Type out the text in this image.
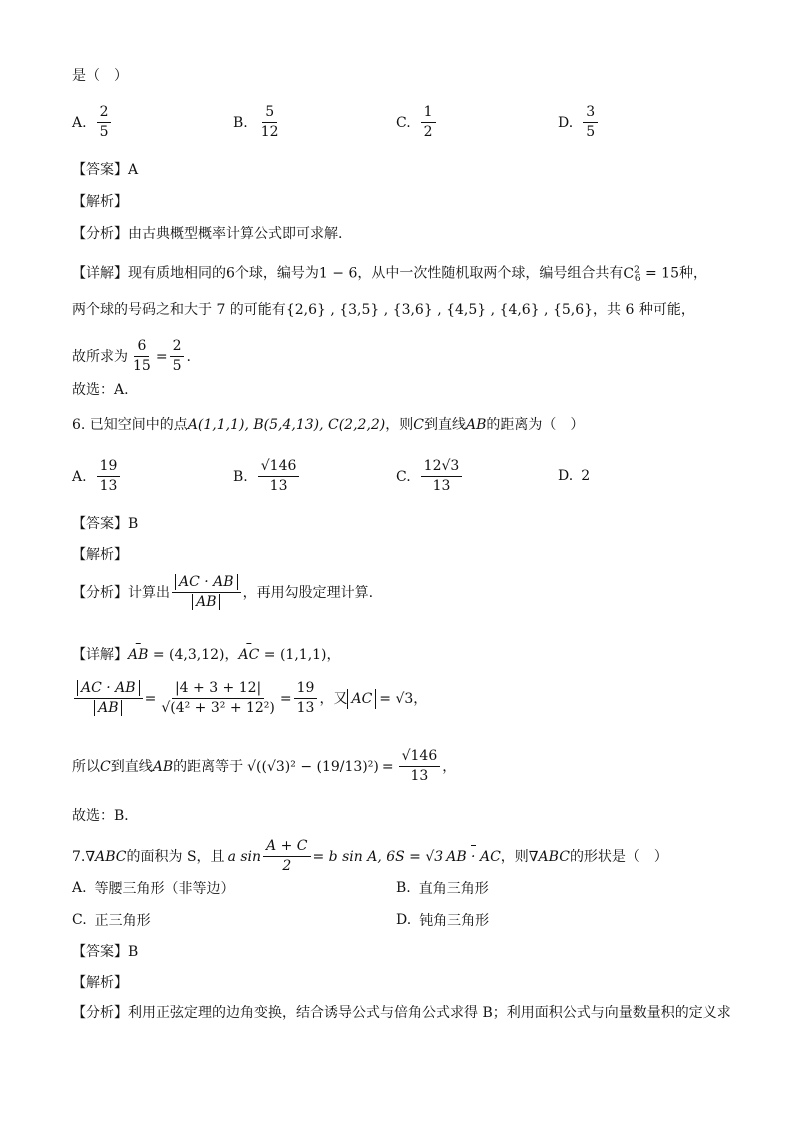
是（　）
A. $\frac{2}{5}$	B. $\frac{5}{12}$	C. $\frac{1}{2}$	D. $\frac{3}{5}$
【答案】A
【解析】
【分析】由古典概型概率计算公式即可求解.
【详解】现有质地相同的6个球，编号为1 − 6，从中一次性随机取两个球，编号组合共有$C^2_6 = 15$种，
两个球的号码之和大于 7 的可能有{2,6} , {3,5} , {3,6} , {4,5} , {4,6} , {5,6}，共 6 种可能，
故所求为 $\frac{6}{15} = \frac{2}{5}$ .
故选：A.
6. 已知空间中的点A(1,1,1), B(5,4,13), C(2,2,2)，则C到直线AB的距离为（　）
A. $\frac{19}{13}$	B. $\frac{√146}{13}$	C. $\frac{12√3}{13}$	D. 2
【答案】B
【解析】
【分析】计算出 $\frac{AC \cdot AB}{AB}$ ，再用勾股定理计算.
【详解】⎯ AB = (4,3,12)，⎯ AC = (1,1,1)，
$\frac{AC \cdot AB}{AB} = \frac{|4 + 3 + 12|}{\text{√(4² + 3² + 12²)}} = \frac{19}{13}$ ，又 AC = √3 ，
所以 C 到直线 AB 的距离等于 $√((√3)^2 - (19/13)^2) = \frac{√146}{13}$ ，
故选：B．
7. ∇ABC 的面积为 S，且 a $\sin \frac{A + C}{2} = b$ sin A, 6S = √3
⎯ AB · AC ，则 ∇ABC 的形状是（　）
A. 等腰三角形（非等边）	B. 直角三角形
C. 正三角形	D. 钝角三角形
【答案】B
【解析】
【分析】利用正弦定理的边角变换，结合诱导公式与倍角公式求得 B；利用面积公式与向量数量积的定义求
